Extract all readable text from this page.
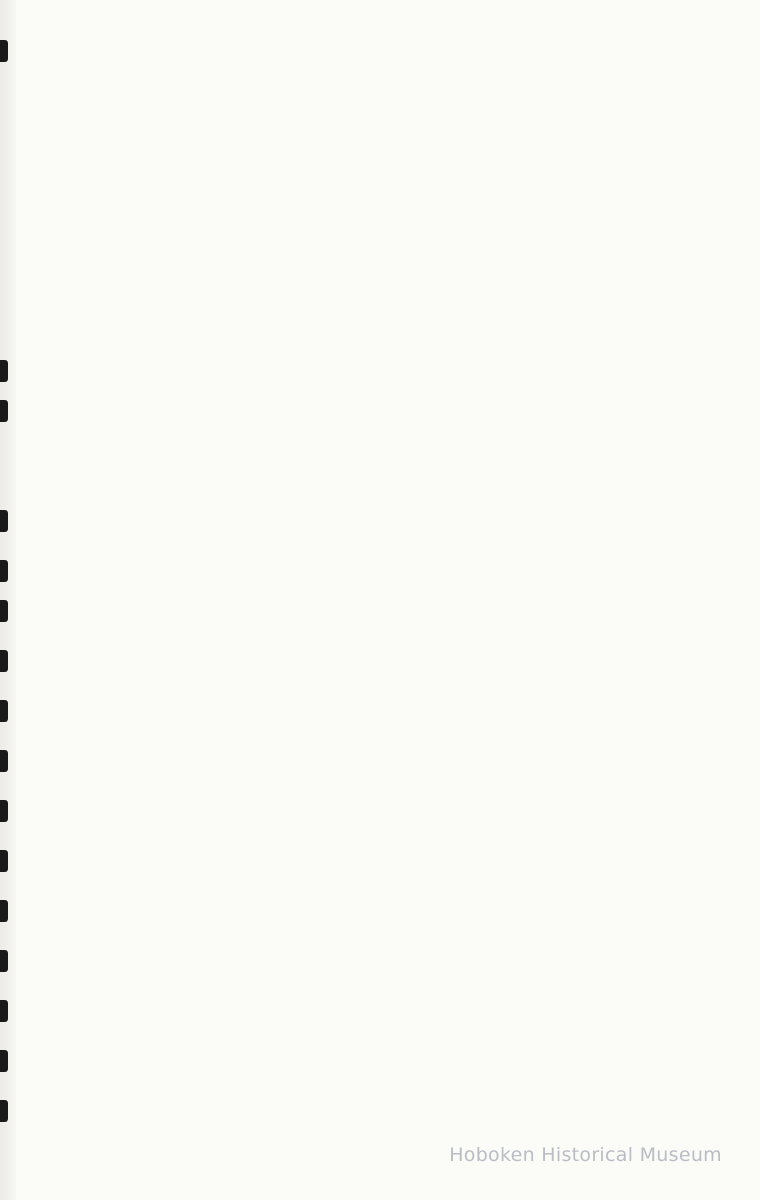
Hoboken Historical Museum
